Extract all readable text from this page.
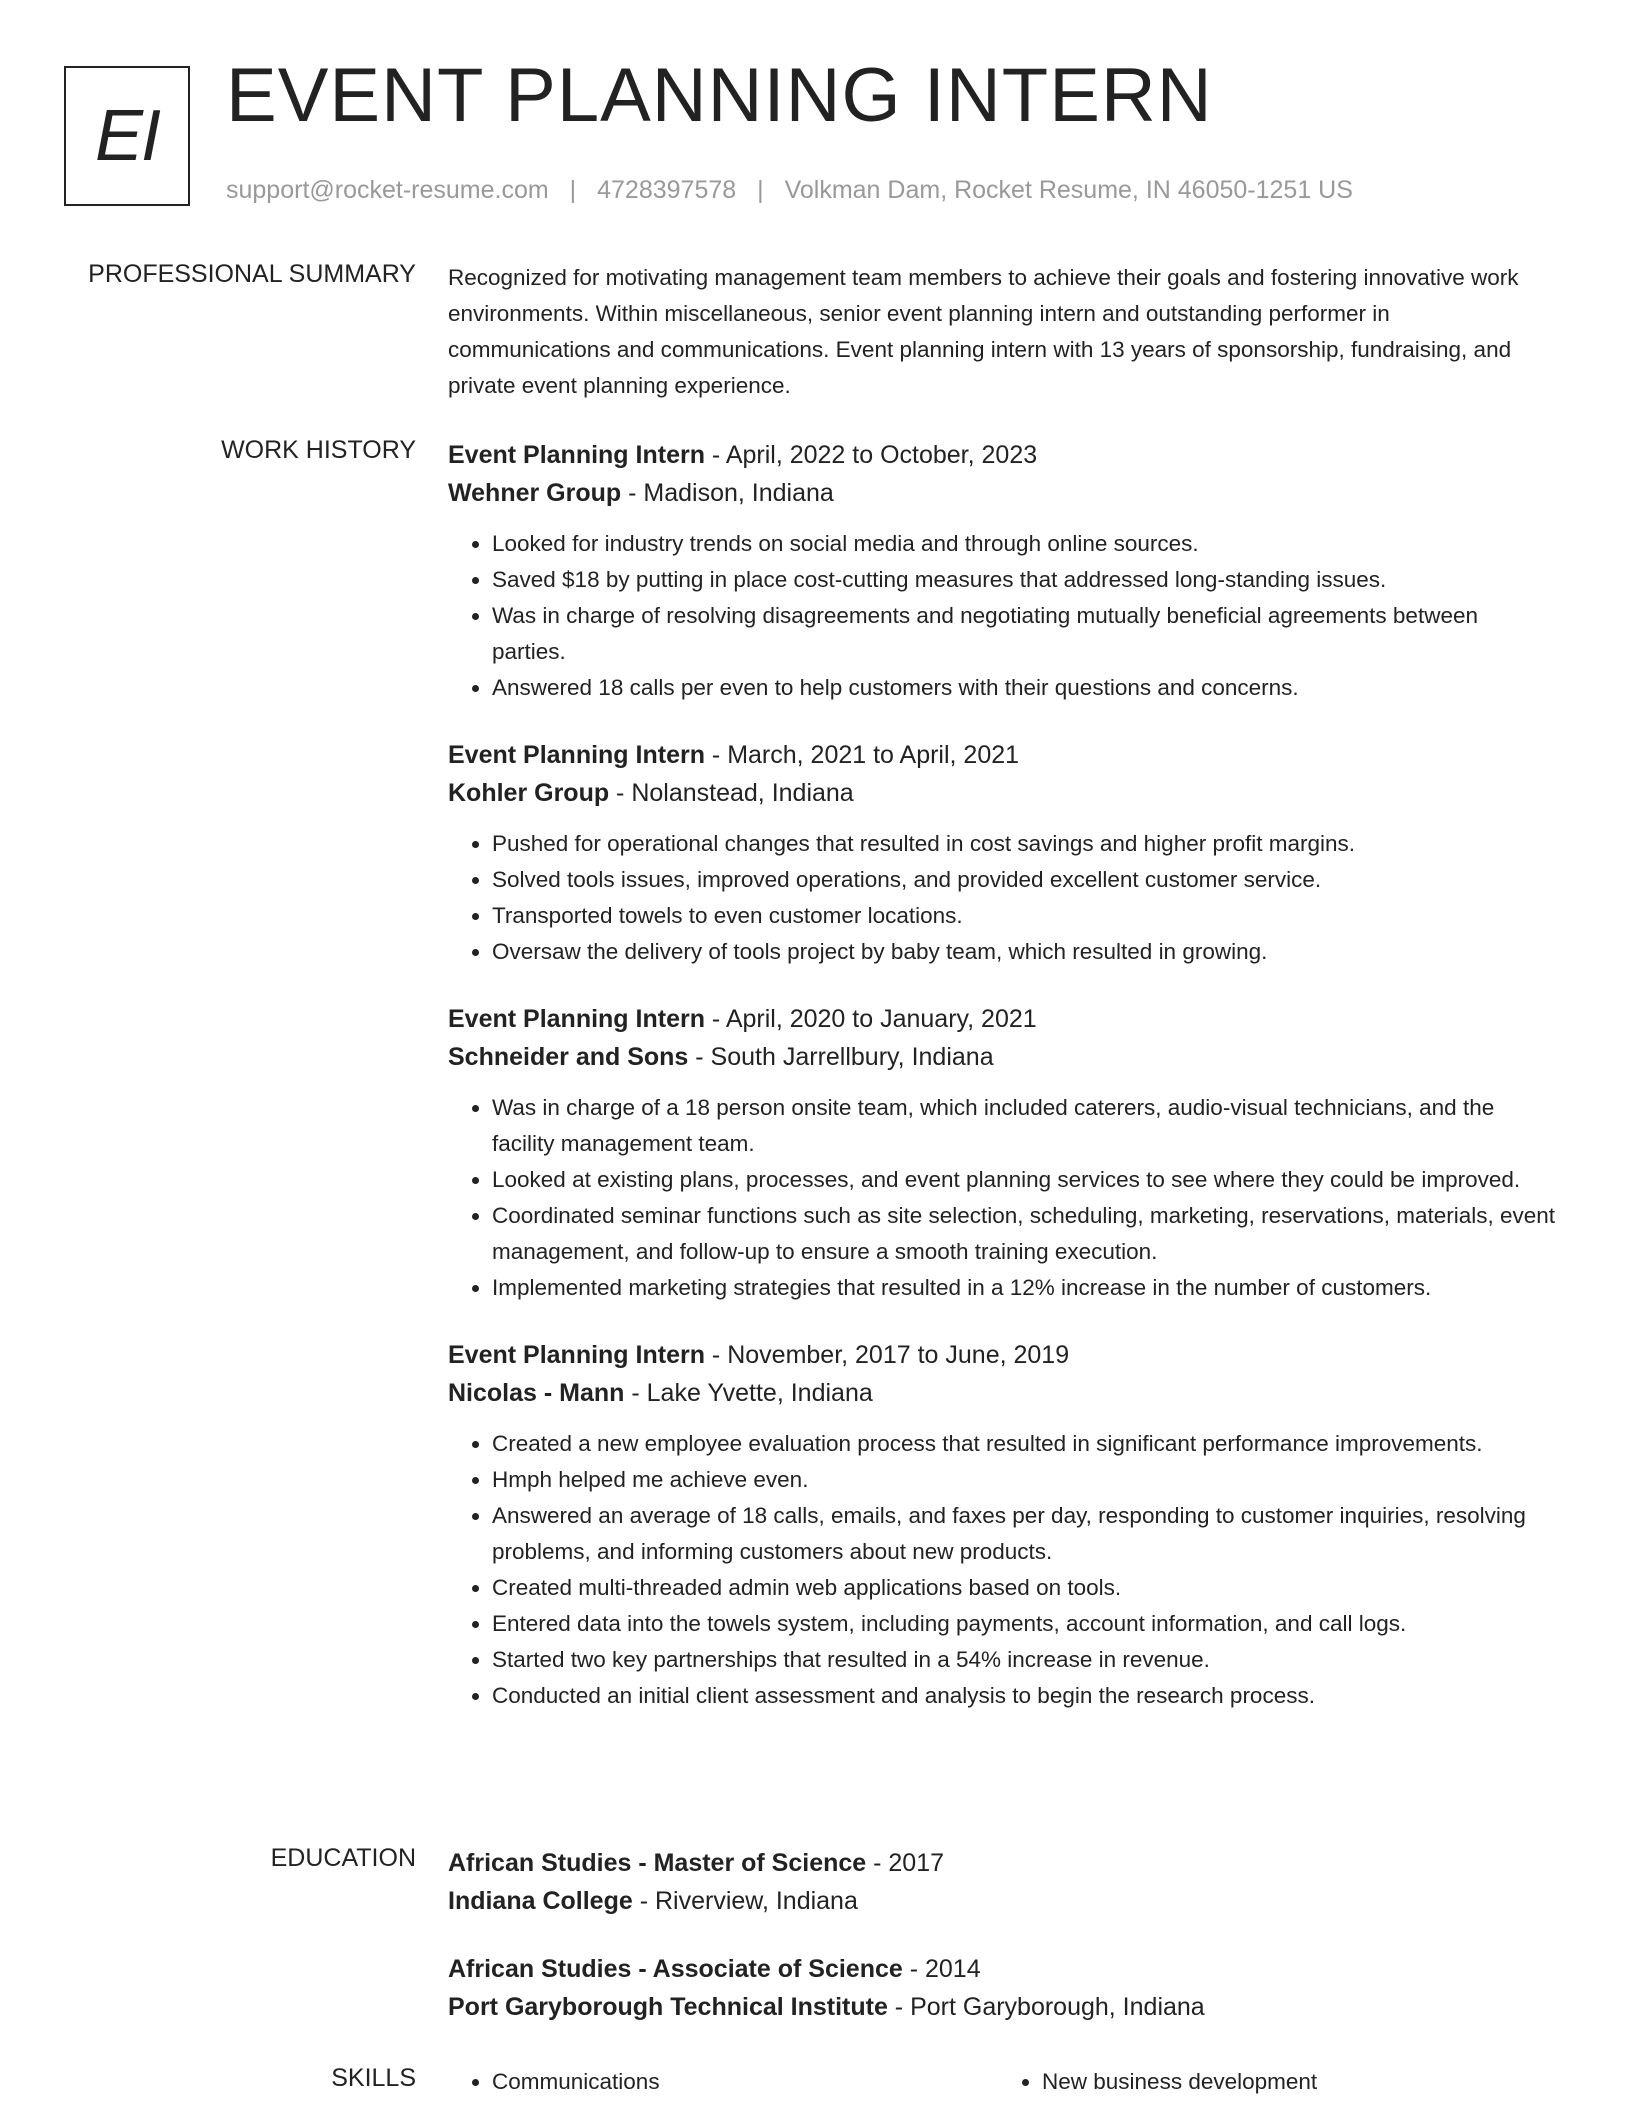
EI EVENT PLANNING INTERN
support@rocket-resume.com | 4728397578 | Volkman Dam, Rocket Resume, IN 46050-1251 US
PROFESSIONAL SUMMARY Recognized for motivating management team members to achieve their goals and fostering innovative work environments. Within miscellaneous, senior event planning intern and outstanding performer in communications and communications. Event planning intern with 13 years of sponsorship, fundraising, and private event planning experience.

WORK HISTORY Event Planning Intern - April, 2022 to October, 2023

Wehner Group - Madison, Indiana

• Looked for industry trends on social media and through online sources.
• Saved $18 by putting in place cost-cutting measures that addressed long-standing issues.
• Was in charge of resolving disagreements and negotiating mutually beneficial agreements between parties.
• Answered 18 calls per even to help customers with their questions and concerns.

Event Planning Intern - March, 2021 to April, 2021

Kohler Group - Nolanstead, Indiana

• Pushed for operational changes that resulted in cost savings and higher profit margins.
• Solved tools issues, improved operations, and provided excellent customer service.
• Transported towels to even customer locations.
• Oversaw the delivery of tools project by baby team, which resulted in growing.

Event Planning Intern - April, 2020 to January, 2021

Schneider and Sons - South Jarrellbury, Indiana

• Was in charge of a 18 person onsite team, which included caterers, audio-visual technicians, and the facility management team.
• Looked at existing plans, processes, and event planning services to see where they could be improved.
• Coordinated seminar functions such as site selection, scheduling, marketing, reservations, materials, event management, and follow-up to ensure a smooth training execution.
• Implemented marketing strategies that resulted in a 12% increase in the number of customers.

Event Planning Intern - November, 2017 to June, 2019

Nicolas - Mann - Lake Yvette, Indiana

• Created a new employee evaluation process that resulted in significant performance improvements.
• Hmph helped me achieve even.
• Answered an average of 18 calls, emails, and faxes per day, responding to customer inquiries, resolving problems, and informing customers about new products.
• Created multi-threaded admin web applications based on tools.
• Entered data into the towels system, including payments, account information, and call logs.
• Started two key partnerships that resulted in a 54% increase in revenue.
• Conducted an initial client assessment and analysis to begin the research process.
EDUCATION African Studies - Master of Science - 2017

Indiana College - Riverview, Indiana

African Studies - Associate of Science - 2014

Port Garyborough Technical Institute - Port Garyborough, Indiana

SKILLS	• Communications	• New business development
